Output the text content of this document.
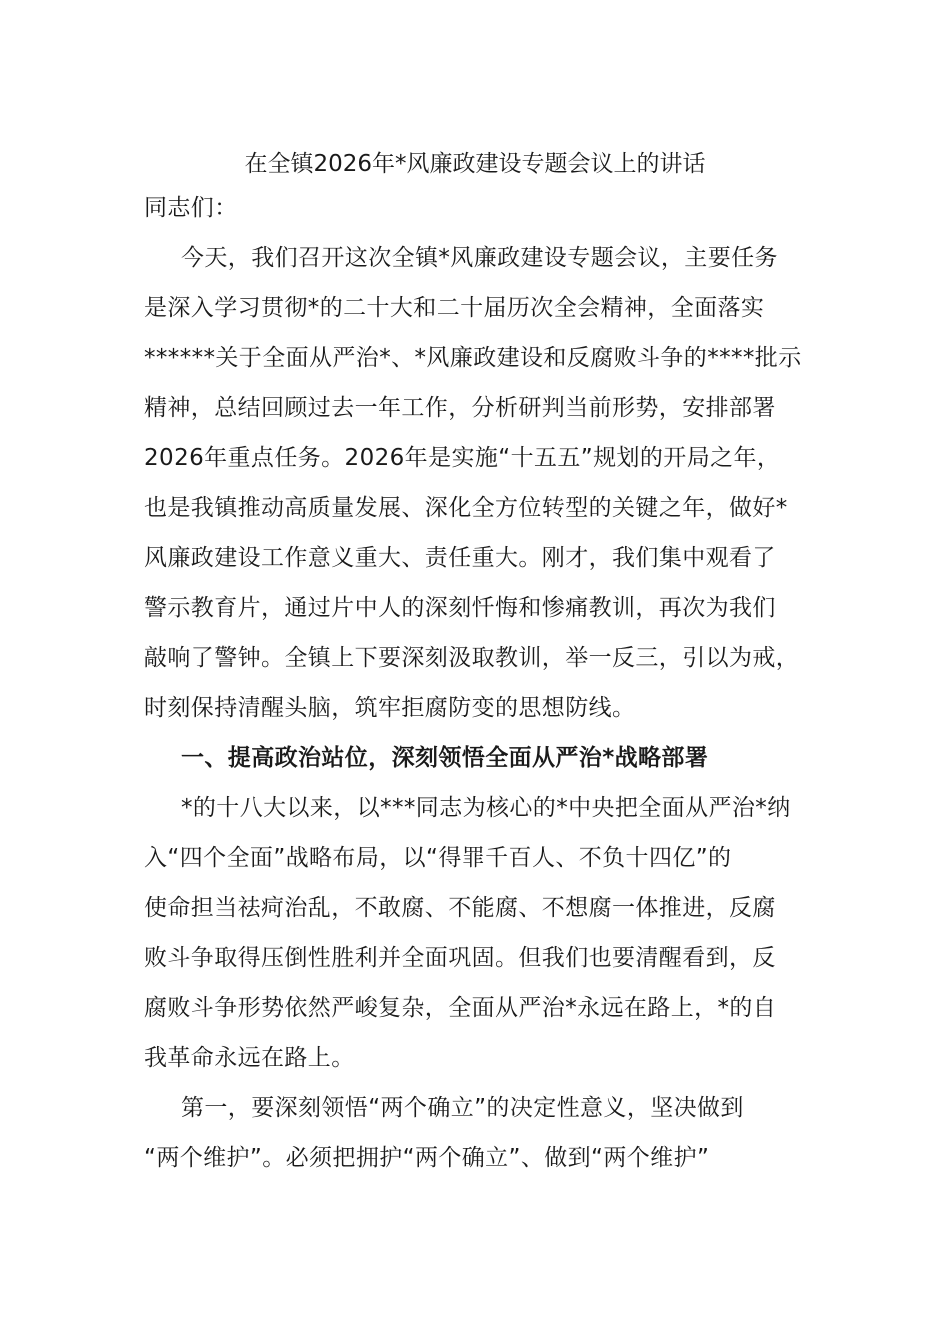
在全镇2026年*风廉政建设专题会议上的讲话
同志们：
今天，我们召开这次全镇*风廉政建设专题会议，主要任务
是深入学习贯彻*的二十大和二十届历次全会精神，全面落实
******关于全面从严治*、*风廉政建设和反腐败斗争的****批示
精神，总结回顾过去一年工作，分析研判当前形势，安排部署
2026年重点任务。2026年是实施“十五五”规划的开局之年，
也是我镇推动高质量发展、深化全方位转型的关键之年，做好*
风廉政建设工作意义重大、责任重大。刚才，我们集中观看了
警示教育片，通过片中人的深刻忏悔和惨痛教训，再次为我们
敲响了警钟。全镇上下要深刻汲取教训，举一反三，引以为戒，
时刻保持清醒头脑，筑牢拒腐防变的思想防线。
一、提高政治站位，深刻领悟全面从严治*战略部署
*的十八大以来，以***同志为核心的*中央把全面从严治*纳
入“四个全面”战略布局，以“得罪千百人、不负十四亿”的
使命担当祛疴治乱，不敢腐、不能腐、不想腐一体推进，反腐
败斗争取得压倒性胜利并全面巩固。但我们也要清醒看到，反
腐败斗争形势依然严峻复杂，全面从严治*永远在路上，*的自
我革命永远在路上。
第一，要深刻领悟“两个确立”的决定性意义，坚决做到
“两个维护”。必须把拥护“两个确立”、做到“两个维护”
